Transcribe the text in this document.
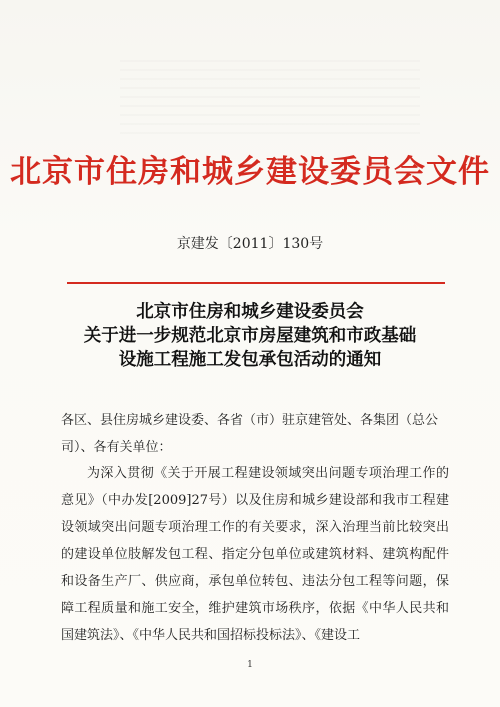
北京市住房和城乡建设委员会文件
京建发〔2011〕130号
北京市住房和城乡建设委员会
关于进一步规范北京市房屋建筑和市政基础
设施工程施工发包承包活动的通知
各区、县住房城乡建设委、各省（市）驻京建管处、各集团（总公司）、各有关单位：
为深入贯彻《关于开展工程建设领域突出问题专项治理工作的意见》（中办发[2009]27号）以及住房和城乡建设部和我市工程建设领域突出问题专项治理工作的有关要求，深入治理当前比较突出的建设单位肢解发包工程、指定分包单位或建筑材料、建筑构配件和设备生产厂、供应商，承包单位转包、违法分包工程等问题，保障工程质量和施工安全，维护建筑市场秩序，依据《中华人民共和国建筑法》、《中华人民共和国招标投标法》、《建设工
1
